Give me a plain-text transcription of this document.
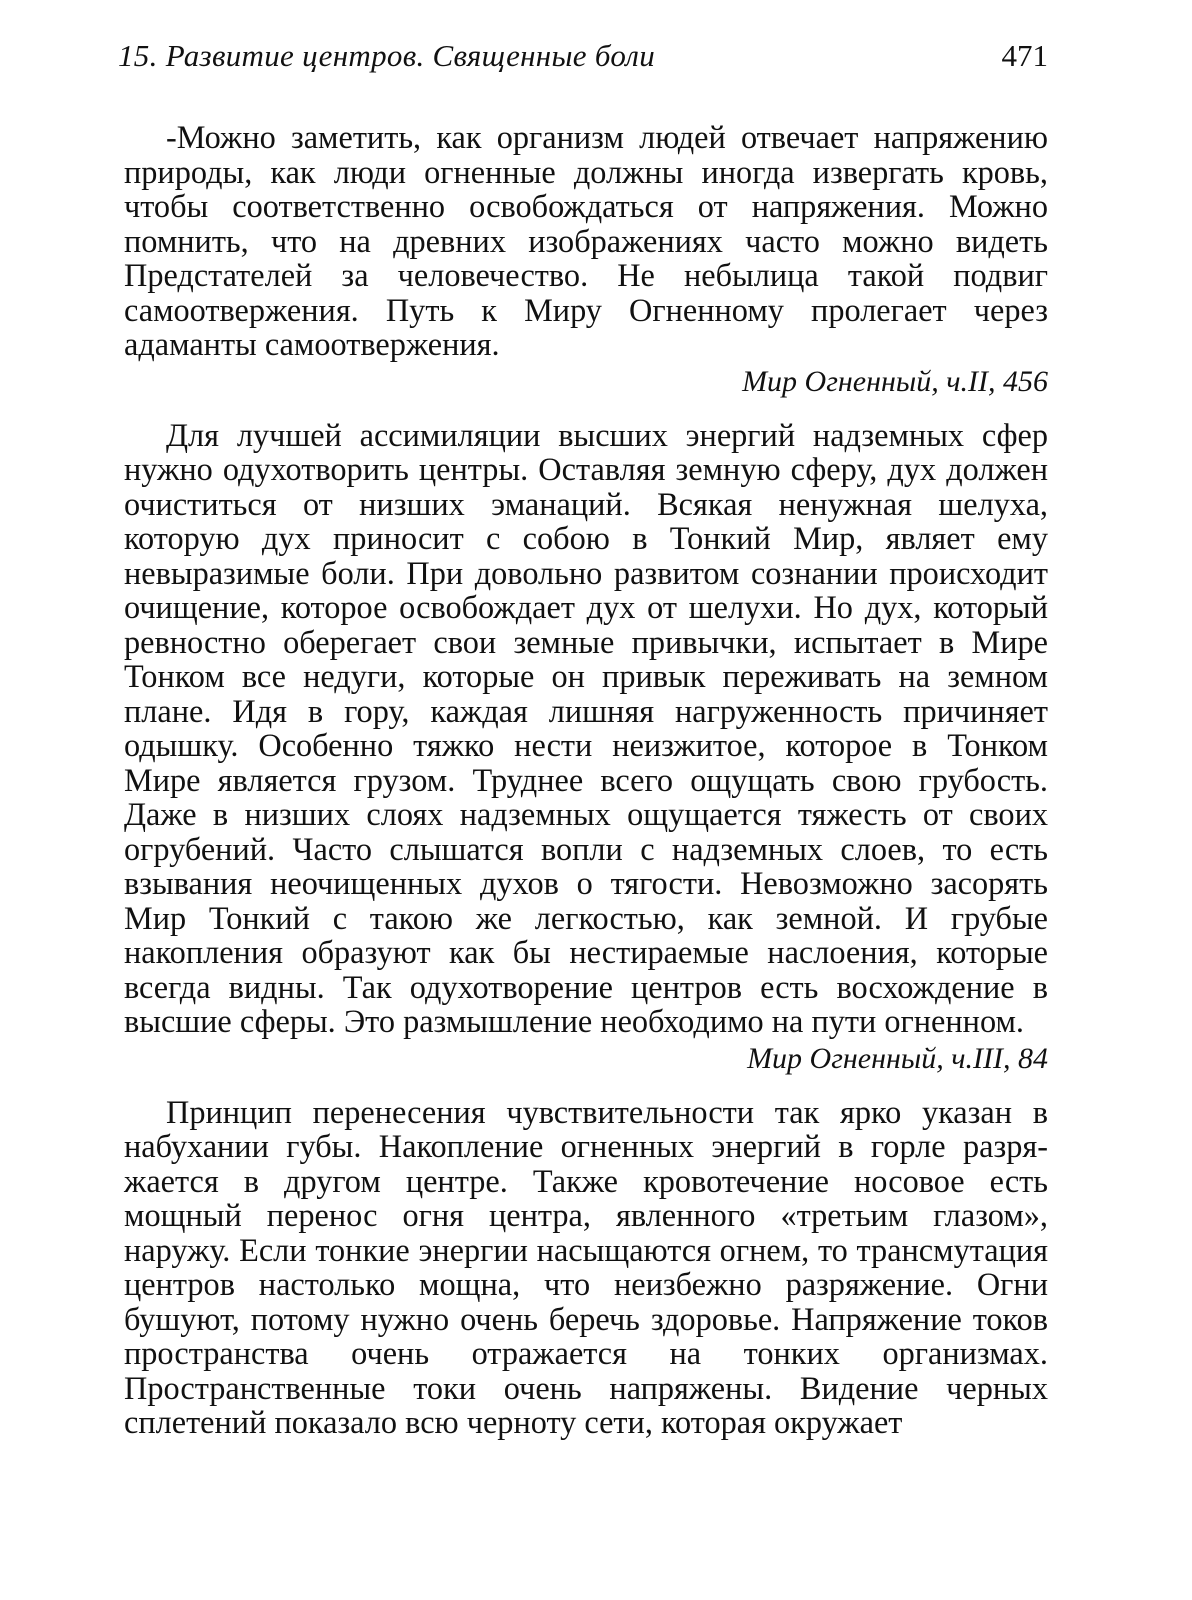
15. Развитие центров. Священные боли	471

-Можно заметить, как организм людей отвечает напряжению природы, как люди огненные должны иногда извергать кровь, чтобы соответственно освобождаться от напряжения. Можно помнить, что на древних изображениях часто можно видеть Предстателей за человечество. Не небылица такой подвиг самоотвержения. Путь к Миру Огненному пролегает через адаманты самоотвержения.

Мир Огненный, ч.II, 456

Для лучшей ассимиляции высших энергий надземных сфер нужно одухотворить центры. Оставляя земную сферу, дух должен очиститься от низших эманаций. Всякая ненужная шелуха, которую дух приносит с собою в Тонкий Мир, являет ему невыразимые боли. При довольно развитом сознании происходит очищение, которое освобождает дух от шелухи. Но дух, который ревностно оберегает свои земные привычки, испытает в Мире Тонком все недуги, которые он привык переживать на земном плане. Идя в гору, каждая лишняя нагруженность причиняет одышку. Особенно тяжко нести неизжитое, которое в Тонком Мире является грузом. Труднее всего ощущать свою грубость. Даже в низших слоях надземных ощущается тяжесть от своих огрубений. Часто слышатся вопли с надземных слоев, то есть взывания неочищенных духов о тягости. Невозможно засорять Мир Тонкий с такою же легкостью, как земной. И грубые накопления образуют как бы нестираемые наслоения, которые всегда видны. Так одухотворение центров есть восхождение в высшие сферы. Это размышление необходимо на пути огненном.

Мир Огненный, ч.III, 84

Принцип перенесения чувствительности так ярко указан в набухании губы. Накопление огненных энергий в горле разряжается в другом центре. Также кровотечение носовое есть мощный перенос огня центра, явленного «третьим глазом», наружу. Если тонкие энергии насыщаются огнем, то трансмутация центров настолько мощна, что неизбежно разряжение. Огни бушуют, потому нужно очень беречь здоровье. Напряжение токов пространства очень отражается на тонких организмах. Пространственные токи очень напряжены. Видение черных сплетений показало всю черноту сети, которая окружает
